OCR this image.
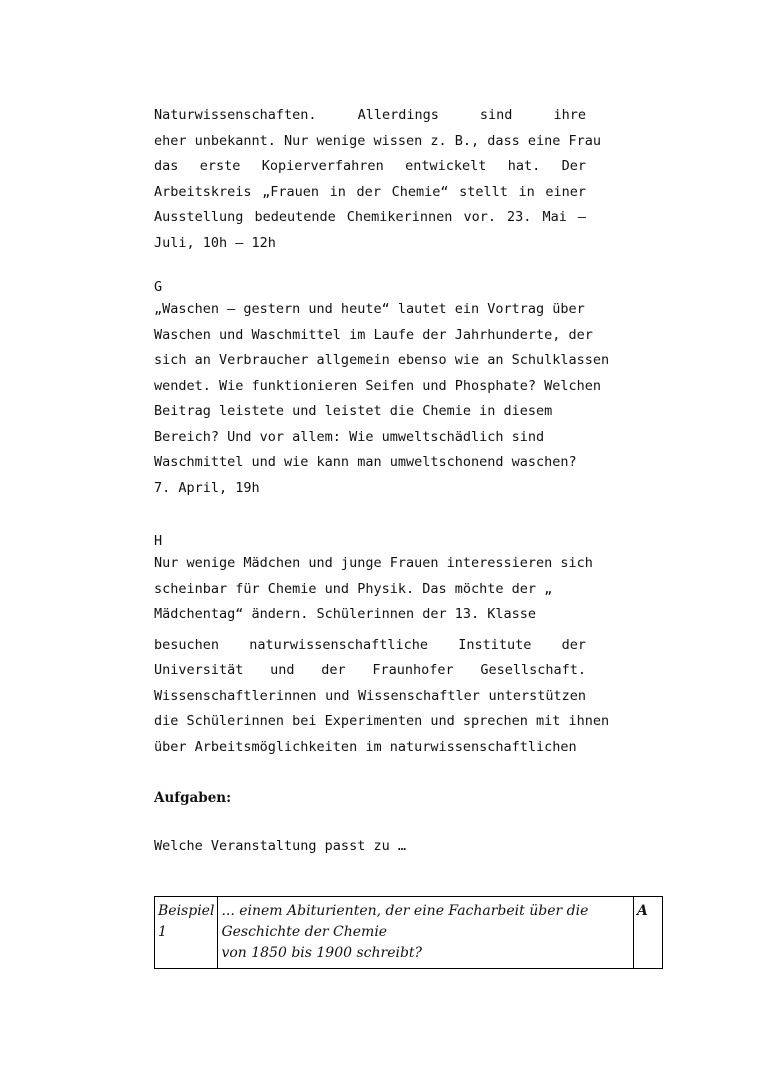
Naturwissenschaften. Allerdings sind ihre
eher unbekannt. Nur wenige wissen z. B., dass eine Frau
das erste Kopierverfahren entwickelt hat. Der
Arbeitskreis „Frauen in der Chemie“ stellt in einer
Ausstellung bedeutende Chemikerinnen vor. 23. Mai –
Juli, 10h – 12h
G
„Waschen – gestern und heute“ lautet ein Vortrag über
Waschen und Waschmittel im Laufe der Jahrhunderte, der
sich an Verbraucher allgemein ebenso wie an Schulklassen
wendet. Wie funktionieren Seifen und Phosphate? Welchen
Beitrag leistete und leistet die Chemie in diesem
Bereich? Und vor allem: Wie umweltschädlich sind
Waschmittel und wie kann man umweltschonend waschen?
7. April, 19h
H
Nur wenige Mädchen und junge Frauen interessieren sich
scheinbar für Chemie und Physik. Das möchte der „
Mädchentag“ ändern. Schülerinnen der 13. Klasse
besuchen naturwissenschaftliche Institute der
Universität und der Fraunhofer Gesellschaft.
Wissenschaftlerinnen und Wissenschaftler unterstützen
die Schülerinnen bei Experimenten und sprechen mit ihnen
über Arbeitsmöglichkeiten im naturwissenschaftlichen
Aufgaben:
Welche Veranstaltung passt zu …
Beispiel 1	
... einem Abiturienten, der eine Facharbeit über die
Geschichte der Chemie
von 1850 bis 1900 schreibt?
	A
